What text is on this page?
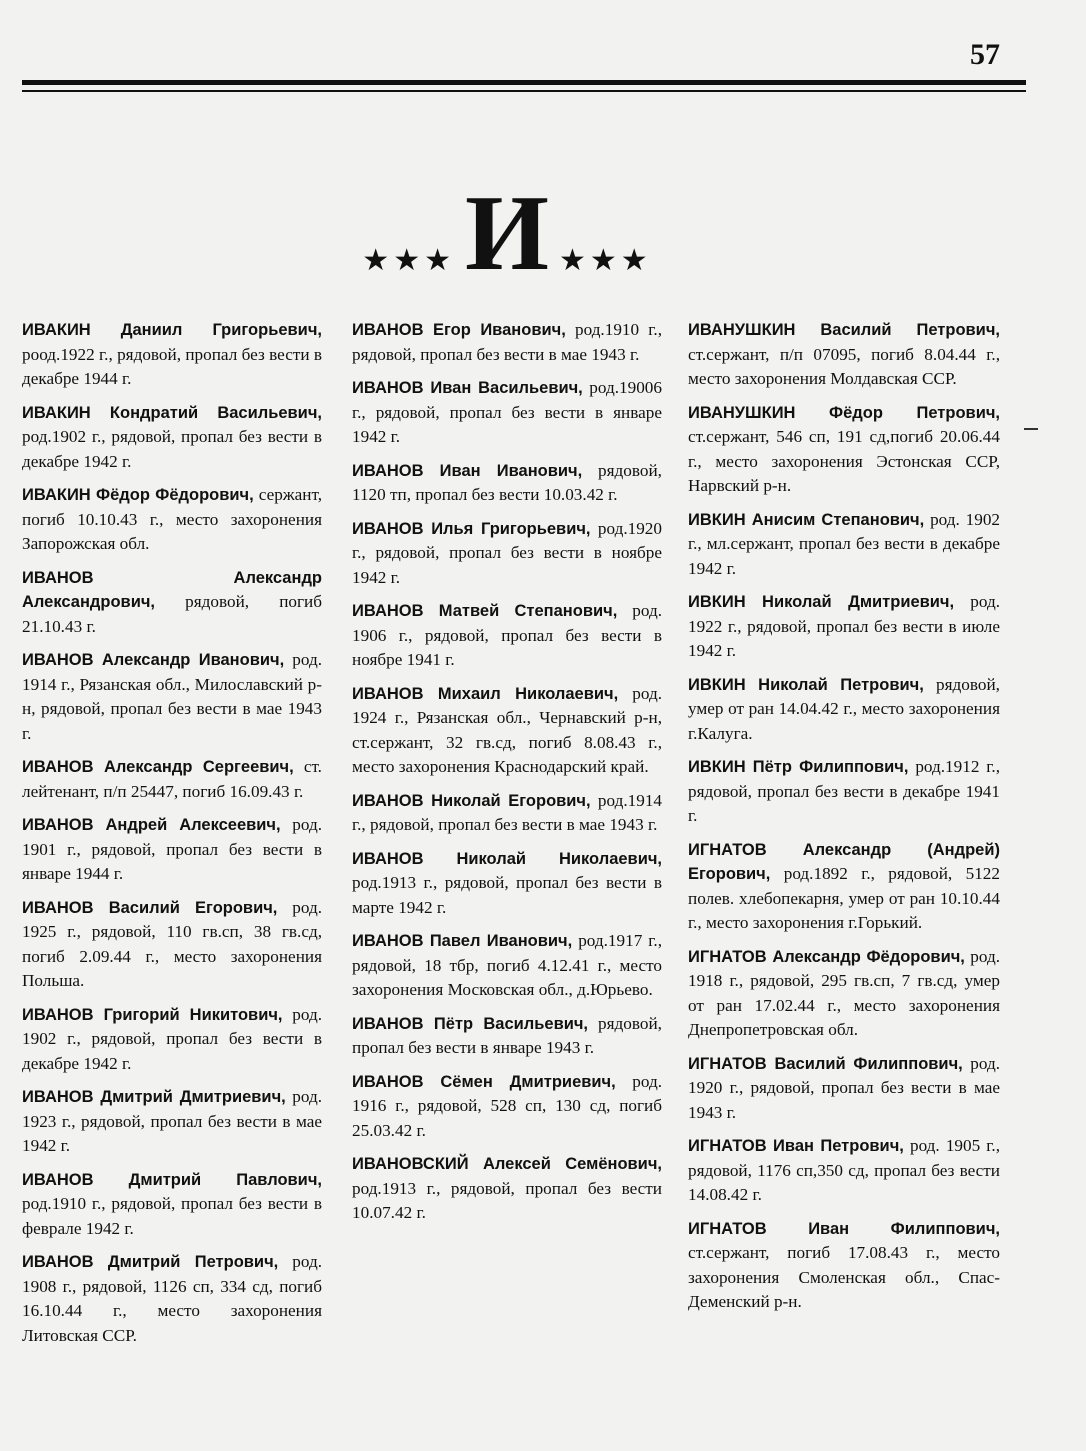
57
★★★ И ★★★

ИВАКИН Даниил Григорьевич, роод.1922 г., рядовой, пропал без вести в декабре 1944 г.

ИВАКИН Кондратий Васильевич, род.1902 г., рядовой, пропал без вести в декабре 1942 г.

ИВАКИН Фёдор Фёдорович, сержант, погиб 10.10.43 г., место захоронения Запорожская обл.

ИВАНОВ Александр Александрович, рядовой, погиб 21.10.43 г.

ИВАНОВ Александр Иванович, род. 1914 г., Рязанская обл., Милославский р-н, рядовой, пропал без вести в мае 1943 г.

ИВАНОВ Александр Сергеевич, ст. лейтенант, п/п 25447, погиб 16.09.43 г.

ИВАНОВ Андрей Алексеевич, род. 1901 г., рядовой, пропал без вести в январе 1944 г.

ИВАНОВ Василий Егорович, род. 1925 г., рядовой, 110 гв.сп, 38 гв.сд, погиб 2.09.44 г., место захоронения Польша.

ИВАНОВ Григорий Никитович, род. 1902 г., рядовой, пропал без вести в декабре 1942 г.

ИВАНОВ Дмитрий Дмитриевич, род. 1923 г., рядовой, пропал без вести в мае 1942 г.

ИВАНОВ Дмитрий Павлович, род.1910 г., рядовой, пропал без вести в феврале 1942 г.

ИВАНОВ Дмитрий Петрович, род. 1908 г., рядовой, 1126 сп, 334 сд, погиб 16.10.44 г., место захоронения Литовская ССР.

ИВАНОВ Егор Иванович, род.1910 г., рядовой, пропал без вести в мае 1943 г.

ИВАНОВ Иван Васильевич, род.19006 г., рядовой, пропал без вести в январе 1942 г.

ИВАНОВ Иван Иванович, рядовой, 1120 тп, пропал без вести 10.03.42 г.

ИВАНОВ Илья Григорьевич, род.1920 г., рядовой, пропал без вести в ноябре 1942 г.

ИВАНОВ Матвей Степанович, род. 1906 г., рядовой, пропал без вести в ноябре 1941 г.

ИВАНОВ Михаил Николаевич, род. 1924 г., Рязанская обл., Чернавский р-н, ст.сержант, 32 гв.сд, погиб 8.08.43 г., место захоронения Краснодарский край.

ИВАНОВ Николай Егорович, род.1914 г., рядовой, пропал без вести в мае 1943 г.

ИВАНОВ Николай Николаевич, род.1913 г., рядовой, пропал без вести в марте 1942 г.

ИВАНОВ Павел Иванович, род.1917 г., рядовой, 18 тбр, погиб 4.12.41 г., место захоронения Московская обл., д.Юрьево.

ИВАНОВ Пётр Васильевич, рядовой, пропал без вести в январе 1943 г.

ИВАНОВ Сёмен Дмитриевич, род. 1916 г., рядовой, 528 сп, 130 сд, погиб 25.03.42 г.

ИВАНОВСКИЙ Алексей Семёнович, род.1913 г., рядовой, пропал без вести 10.07.42 г.

ИВАНУШКИН Василий Петрович, ст.сержант, п/п 07095, погиб 8.04.44 г., место захоронения Молдавская ССР.

ИВАНУШКИН Фёдор Петрович, ст.сержант, 546 сп, 191 сд,погиб 20.06.44 г., место захоронения Эстонская ССР, Нарвский р-н.

ИВКИН Анисим Степанович, род. 1902 г., мл.сержант, пропал без вести в декабре 1942 г.

ИВКИН Николай Дмитриевич, род. 1922 г., рядовой, пропал без вести в июле 1942 г.

ИВКИН Николай Петрович, рядовой, умер от ран 14.04.42 г., место захоронения г.Калуга.

ИВКИН Пётр Филиппович, род.1912 г., рядовой, пропал без вести в декабре 1941 г.

ИГНАТОВ Александр (Андрей) Егорович, род.1892 г., рядовой, 5122 полев. хлебопекарня, умер от ран 10.10.44 г., место захоронения г.Горький.

ИГНАТОВ Александр Фёдорович, род. 1918 г., рядовой, 295 гв.сп, 7 гв.сд, умер от ран 17.02.44 г., место захоронения Днепропетровская обл.

ИГНАТОВ Василий Филиппович, род. 1920 г., рядовой, пропал без вести в мае 1943 г.

ИГНАТОВ Иван Петрович, род. 1905 г., рядовой, 1176 сп,350 сд, пропал без вести 14.08.42 г.

ИГНАТОВ Иван Филиппович, ст.сержант, погиб 17.08.43 г., место захоронения Смоленская обл., Спас-Деменский р-н.
